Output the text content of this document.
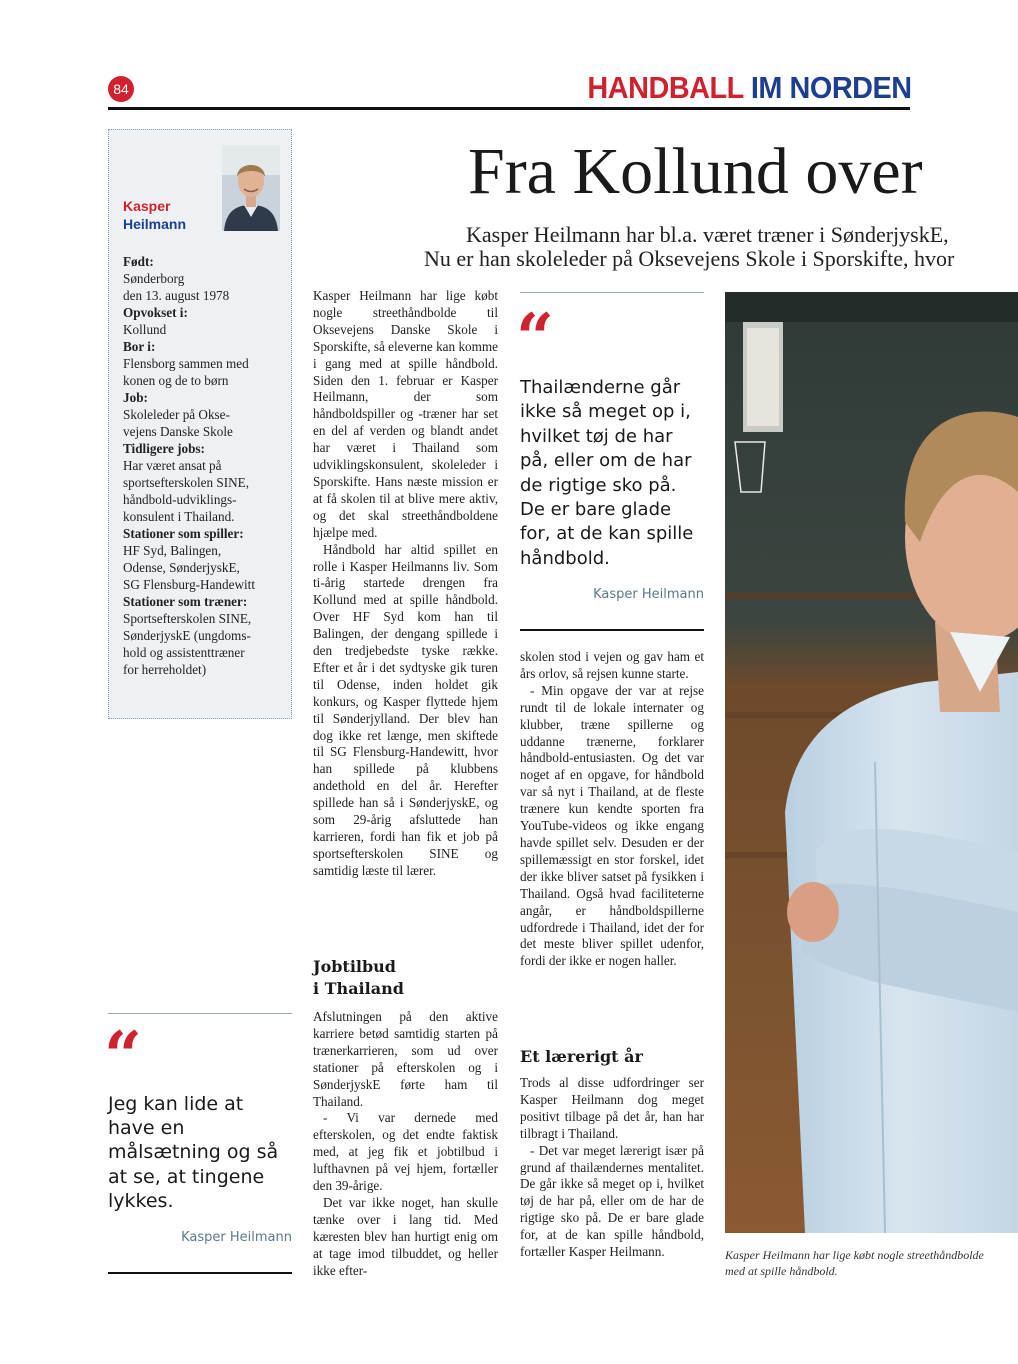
84	HANDBALL IM NORDEN
Fra Kollund over
Kasper Heilmann har bl.a. været træner i SønderjyskE,
Nu er han skoleleder på Oksevejens Skole i Sporskifte, hvor
Kasper
Heilmann
Født:
Sønderborg
den 13. august 1978
Opvokset i:
Kollund
Bor i:
Flensborg sammen med
konen og de to børn
Job:
Skoleleder på Okse-
vejens Danske Skole
Tidligere jobs:
Har været ansat på
sportsefterskolen SINE,
håndbold-udviklings-
konsulent i Thailand.
Stationer som spiller:
HF Syd, Balingen,
Odense, SønderjyskE,
SG Flensburg-Handewitt
Stationer som træner:
Sportsefterskolen SINE,
SønderjyskE (ungdoms-
hold og assistenttræner
for herreholdet)

Kasper Heilmann har lige købt nogle streethåndbolde til Oksevejens Danske Skole i Sporskifte, så eleverne kan komme i gang med at spille håndbold. Siden den 1. februar er Kasper Heilmann, der som håndboldspiller og -træner har set en del af verden og blandt andet har været i Thailand som udviklingskonsulent, skoleleder i Sporskifte. Hans næste mission er at få skolen til at blive mere aktiv, og det skal streethåndboldene hjælpe med.

Håndbold har altid spillet en rolle i Kasper Heilmanns liv. Som ti-årig startede drengen fra Kollund med at spille håndbold. Over HF Syd kom han til Balingen, der dengang spillede i den tredjebedste tyske række. Efter et år i det sydtyske gik turen til Odense, inden holdet gik konkurs, og Kasper flyttede hjem til Sønderjylland. Der blev han dog ikke ret længe, men skiftede til SG Flensburg-Handewitt, hvor han spillede på klubbens andethold en del år. Herefter spillede han så i SønderjyskE, og som 29-årig afsluttede han karrieren, fordi han fik et job på sportsefterskolen SINE og samtidig læste til lærer.

Jobtilbud
i Thailand

Afslutningen på den aktive karriere betød samtidig starten på trænerkarrieren, som ud over stationer på efterskolen og i SønderjyskE førte ham til Thailand.

- Vi var dernede med efterskolen, og det endte faktisk med, at jeg fik et jobtilbud i lufthavnen på vej hjem, fortæller den 39-årige.

Det var ikke noget, han skulle tænke over i lang tid. Med kæresten blev han hurtigt enig om at tage imod tilbuddet, og heller ikke efter-

“
Thailænderne går ikke så meget op i, hvilket tøj de har på, eller om de har de rigtige sko på. De er bare glade for, at de kan spille håndbold.
Kasper Heilmann

skolen stod i vejen og gav ham et års orlov, så rejsen kunne starte.

- Min opgave der var at rejse rundt til de lokale internater og klubber, træne spillerne og uddanne trænerne, forklarer håndbold-entusiasten. Og det var noget af en opgave, for håndbold var så nyt i Thailand, at de fleste trænere kun kendte sporten fra YouTube-videos og ikke engang havde spillet selv. Desuden er der spillemæssigt en stor forskel, idet der ikke bliver satset på fysikken i Thailand. Også hvad faciliteterne angår, er håndboldspillerne udfordrede i Thailand, idet der for det meste bliver spillet udenfor, fordi der ikke er nogen haller.

Et lærerigt år

Trods al disse udfordringer ser Kasper Heilmann dog meget positivt tilbage på det år, han har tilbragt i Thailand.

- Det var meget lærerigt især på grund af thailændernes mentalitet. De går ikke så meget op i, hvilket tøj de har på, eller om de har de rigtige sko på. De er bare glade for, at de kan spille håndbold, fortæller Kasper Heilmann.

“
Jeg kan lide at have en målsætning og så at se, at tingene lykkes.
Kasper Heilmann
Kasper Heilmann har lige købt nogle streethåndbolde
med at spille håndbold.
